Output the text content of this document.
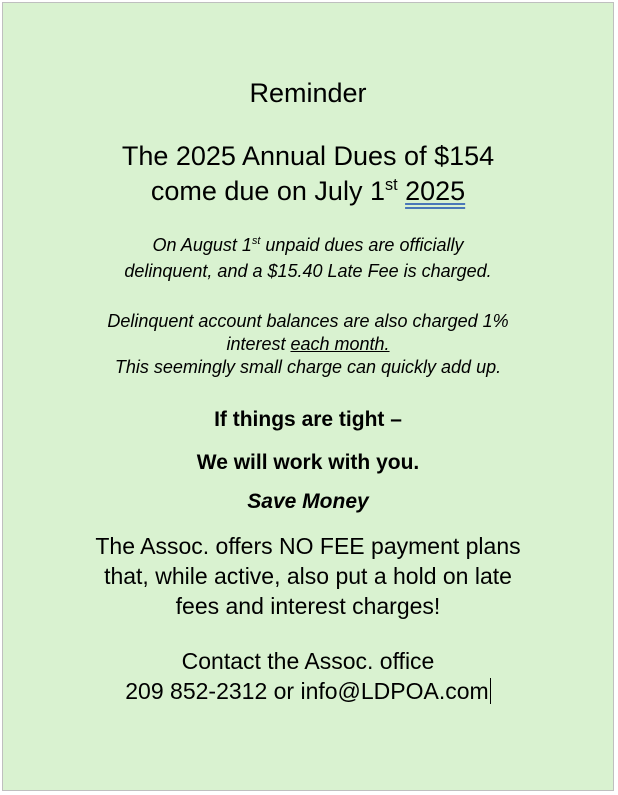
Reminder
The 2025 Annual Dues of $154
come due on July 1st 2025
On August 1st unpaid dues are officially
delinquent, and a $15.40 Late Fee is charged.
Delinquent account balances are also charged 1%
interest each month.
This seemingly small charge can quickly add up.
If things are tight –
We will work with you.
Save Money
The Assoc. offers NO FEE payment plans
that, while active, also put a hold on late
fees and interest charges!
Contact the Assoc. office
209 852-2312 or info@LDPOA.com
